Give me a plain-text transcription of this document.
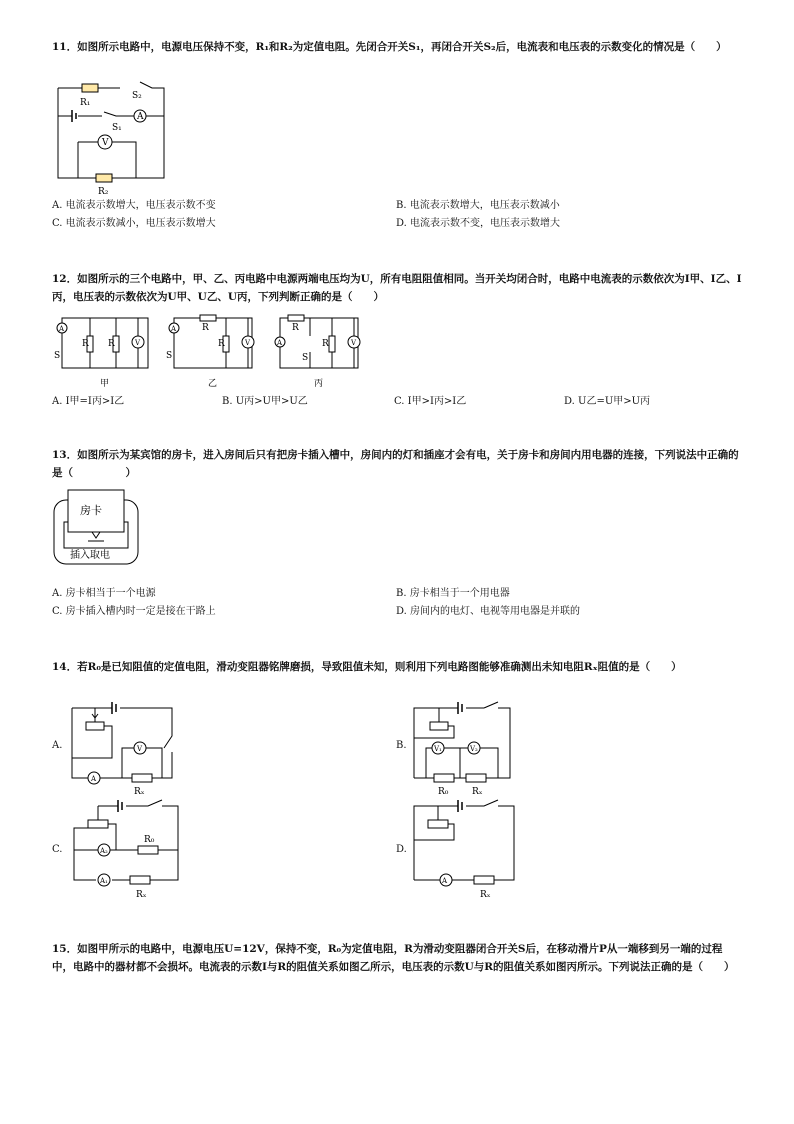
11．如图所示电路中，电源电压保持不变，R₁和R₂为定值电阻。先闭合开关S₁，再闭合开关S₂后，电流表和电压表的示数变化的情况是（　　）
R₁
S₂
S₁
A
V
R₂
A. 电流表示数增大，电压表示数不变	B. 电流表示数增大，电压表示数减小
C. 电流表示数减小，电压表示数增大	D. 电流表示数不变，电压表示数增大
12．如图所示的三个电路中，甲、乙、丙电路中电源两端电压均为U，所有电阻阻值相同。当开关均闭合时，电路中电流表的示数依次为I甲、I乙、I丙，电压表的示数依次为U甲、U乙、U丙，下列判断正确的是（　　）
R R
A
V
S
甲
R
R
A
V
S
乙
R
R
A	V
S
丙
A. I甲=I丙>I乙	B. U丙>U甲>U乙	C. I甲>I丙>I乙	D. U乙=U甲>U丙
13．如图所示为某宾馆的房卡，进入房间后只有把房卡插入槽中，房间内的灯和插座才会有电，关于房卡和房间内用电器的连接，下列说法中正确的是（　　　　　）
房卡
插入取电
A. 房卡相当于一个电源	B. 房卡相当于一个用电器
C. 房卡插入槽内时一定是接在干路上	D. 房间内的电灯、电视等用电器是并联的
14．若R₀是已知阻值的定值电阻，滑动变阻器铭牌磨损，导致阻值未知，则利用下列电路图能够准确测出未知电阻Rₓ阻值的是（　　）
A.
A
V
Rₓ
B.	V₁	V₂
R₀	Rₓ
C.	A₂
A₁
R₀
Rₓ
D.
A
Rₓ
15．如图甲所示的电路中，电源电压U=12V，保持不变，R₀为定值电阻，R为滑动变阻器闭合开关S后，在移动滑片P从一端移到另一端的过程中，电路中的器材都不会损坏。电流表的示数I与R的阻值关系如图乙所示，电压表的示数U与R的阻值关系如图丙所示。下列说法正确的是（　　）
